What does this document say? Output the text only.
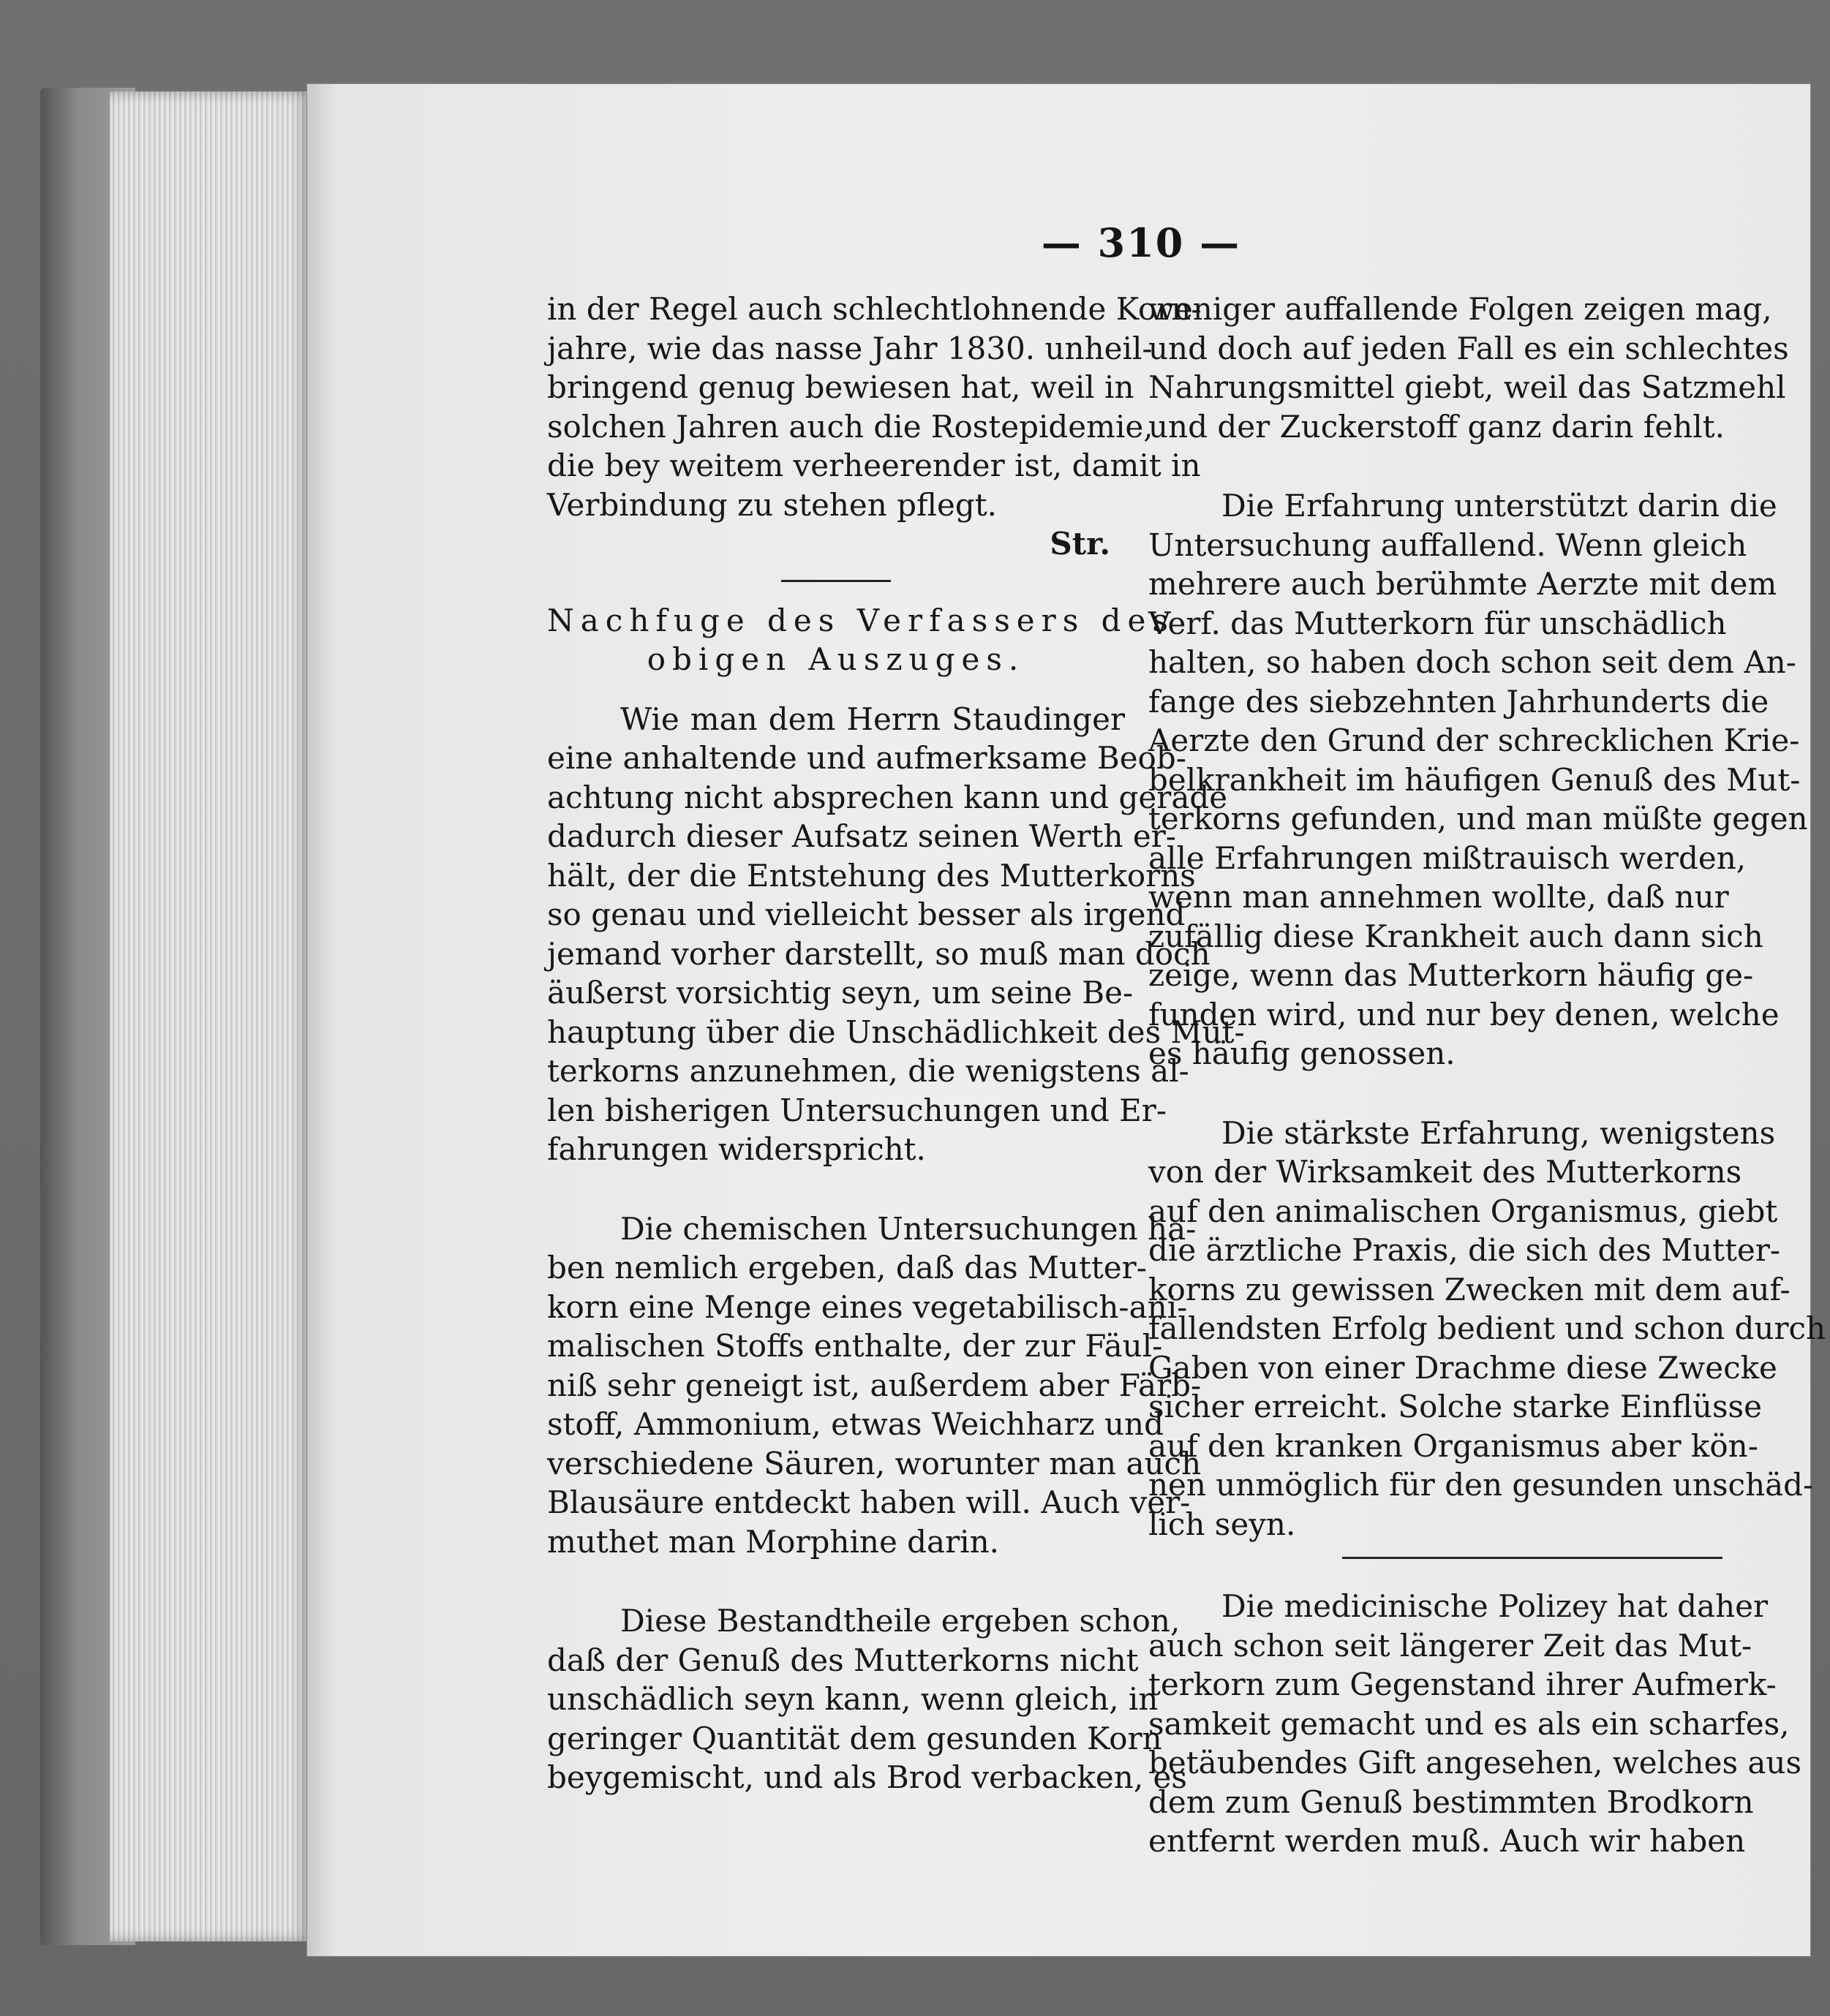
— 310 —
in der Regel auch schlechtlohnende Korn-
jahre, wie das nasse Jahr 1830. unheil-
bringend genug bewiesen hat, weil in
solchen Jahren auch die Rostepidemie,
die bey weitem verheerender ist, damit in
Verbindung zu stehen pflegt.
Str.
Nachfuge des Verfassers des
obigen Auszuges.
Wie man dem Herrn Staudinger
eine anhaltende und aufmerksame Beob-
achtung nicht absprechen kann und gerade
dadurch dieser Aufsatz seinen Werth er-
hält, der die Entstehung des Mutterkorns
so genau und vielleicht besser als irgend
jemand vorher darstellt, so muß man doch
äußerst vorsichtig seyn, um seine Be-
hauptung über die Unschädlichkeit des Mut-
terkorns anzunehmen, die wenigstens al-
len bisherigen Untersuchungen und Er-
fahrungen widerspricht.
Die chemischen Untersuchungen ha-
ben nemlich ergeben, daß das Mutter-
korn eine Menge eines vegetabilisch-ani-
malischen Stoffs enthalte, der zur Fäul-
niß sehr geneigt ist, außerdem aber Färb-
stoff, Ammonium, etwas Weichharz und
verschiedene Säuren, worunter man auch
Blausäure entdeckt haben will. Auch ver-
muthet man Morphine darin.
Diese Bestandtheile ergeben schon,
daß der Genuß des Mutterkorns nicht
unschädlich seyn kann, wenn gleich, in
geringer Quantität dem gesunden Korn
beygemischt, und als Brod verbacken, es
weniger auffallende Folgen zeigen mag,
und doch auf jeden Fall es ein schlechtes
Nahrungsmittel giebt, weil das Satzmehl
und der Zuckerstoff ganz darin fehlt.
Die Erfahrung unterstützt darin die
Untersuchung auffallend. Wenn gleich
mehrere auch berühmte Aerzte mit dem
Verf. das Mutterkorn für unschädlich
halten, so haben doch schon seit dem An-
fange des siebzehnten Jahrhunderts die
Aerzte den Grund der schrecklichen Krie-
belkrankheit im häufigen Genuß des Mut-
terkorns gefunden, und man müßte gegen
alle Erfahrungen mißtrauisch werden,
wenn man annehmen wollte, daß nur
zufällig diese Krankheit auch dann sich
zeige, wenn das Mutterkorn häufig ge-
funden wird, und nur bey denen, welche
es häufig genossen.
Die stärkste Erfahrung, wenigstens
von der Wirksamkeit des Mutterkorns
auf den animalischen Organismus, giebt
die ärztliche Praxis, die sich des Mutter-
korns zu gewissen Zwecken mit dem auf-
fallendsten Erfolg bedient und schon durch
Gaben von einer Drachme diese Zwecke
sicher erreicht. Solche starke Einflüsse
auf den kranken Organismus aber kön-
nen unmöglich für den gesunden unschäd-
lich seyn.
Die medicinische Polizey hat daher
auch schon seit längerer Zeit das Mut-
terkorn zum Gegenstand ihrer Aufmerk-
samkeit gemacht und es als ein scharfes,
betäubendes Gift angesehen, welches aus
dem zum Genuß bestimmten Brodkorn
entfernt werden muß. Auch wir haben
